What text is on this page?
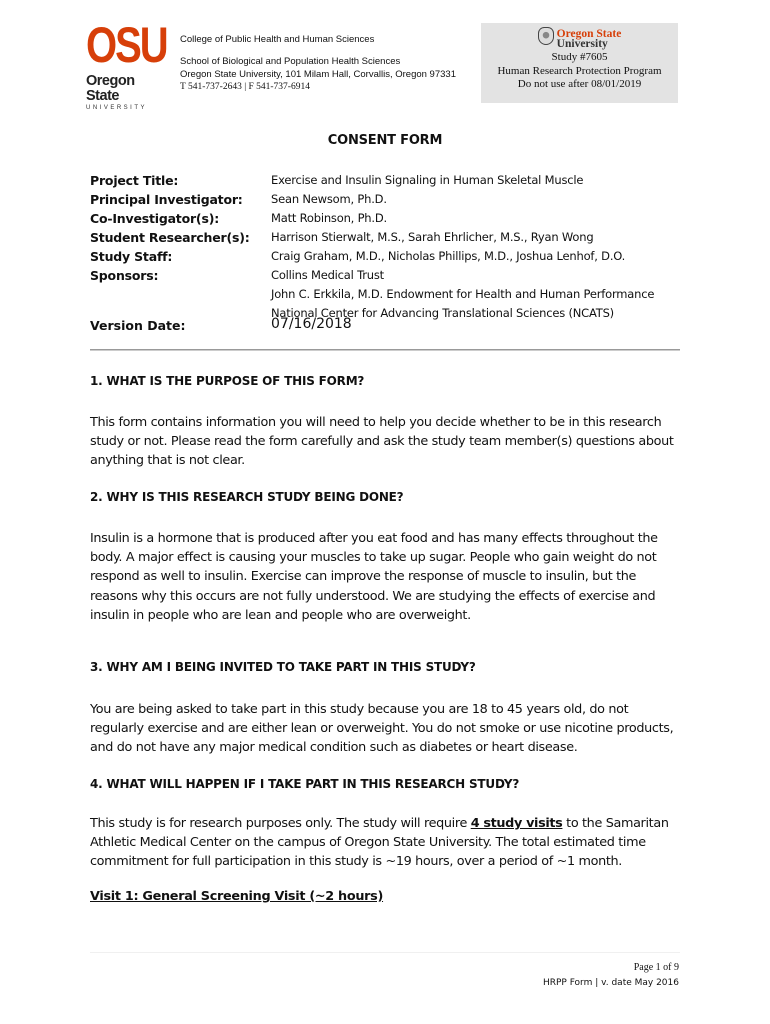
OSU
Oregon State
UNIVERSITY
College of Public Health and Human Sciences
School of Biological and Population Health Sciences
Oregon State University, 101 Milam Hall, Corvallis, Oregon 97331
T 541-737-2643 | F 541-737-6914
Oregon State
University
Study #7605
Human Research Protection Program
Do not use after 08/01/2019
CONSENT FORM
Project Title:
Principal Investigator:
Co-Investigator(s):
Student Researcher(s):
Study Staff:
Sponsors:
Exercise and Insulin Signaling in Human Skeletal Muscle
Sean Newsom, Ph.D.
Matt Robinson, Ph.D.
Harrison Stierwalt, M.S., Sarah Ehrlicher, M.S., Ryan Wong
Craig Graham, M.D., Nicholas Phillips, M.D., Joshua Lenhof, D.O.
Collins Medical Trust
John C. Erkkila, M.D. Endowment for Health and Human Performance
National Center for Advancing Translational Sciences (NCATS)
Version Date:	07/16/2018
1. WHAT IS THE PURPOSE OF THIS FORM?
This form contains information you will need to help you decide whether to be in this research study or not. Please read the form carefully and ask the study team member(s) questions about anything that is not clear.
2. WHY IS THIS RESEARCH STUDY BEING DONE?
Insulin is a hormone that is produced after you eat food and has many effects throughout the body. A major effect is causing your muscles to take up sugar. People who gain weight do not respond as well to insulin. Exercise can improve the response of muscle to insulin, but the reasons why this occurs are not fully understood. We are studying the effects of exercise and insulin in people who are lean and people who are overweight.
3. WHY AM I BEING INVITED TO TAKE PART IN THIS STUDY?
You are being asked to take part in this study because you are 18 to 45 years old, do not regularly exercise and are either lean or overweight. You do not smoke or use nicotine products, and do not have any major medical condition such as diabetes or heart disease.
4. WHAT WILL HAPPEN IF I TAKE PART IN THIS RESEARCH STUDY?
This study is for research purposes only. The study will require 4 study visits to the Samaritan Athletic Medical Center on the campus of Oregon State University. The total estimated time commitment for full participation in this study is ~19 hours, over a period of ~1 month.
Visit 1: General Screening Visit (~2 hours)
Page 1 of 9
HRPP Form | v. date May 2016
